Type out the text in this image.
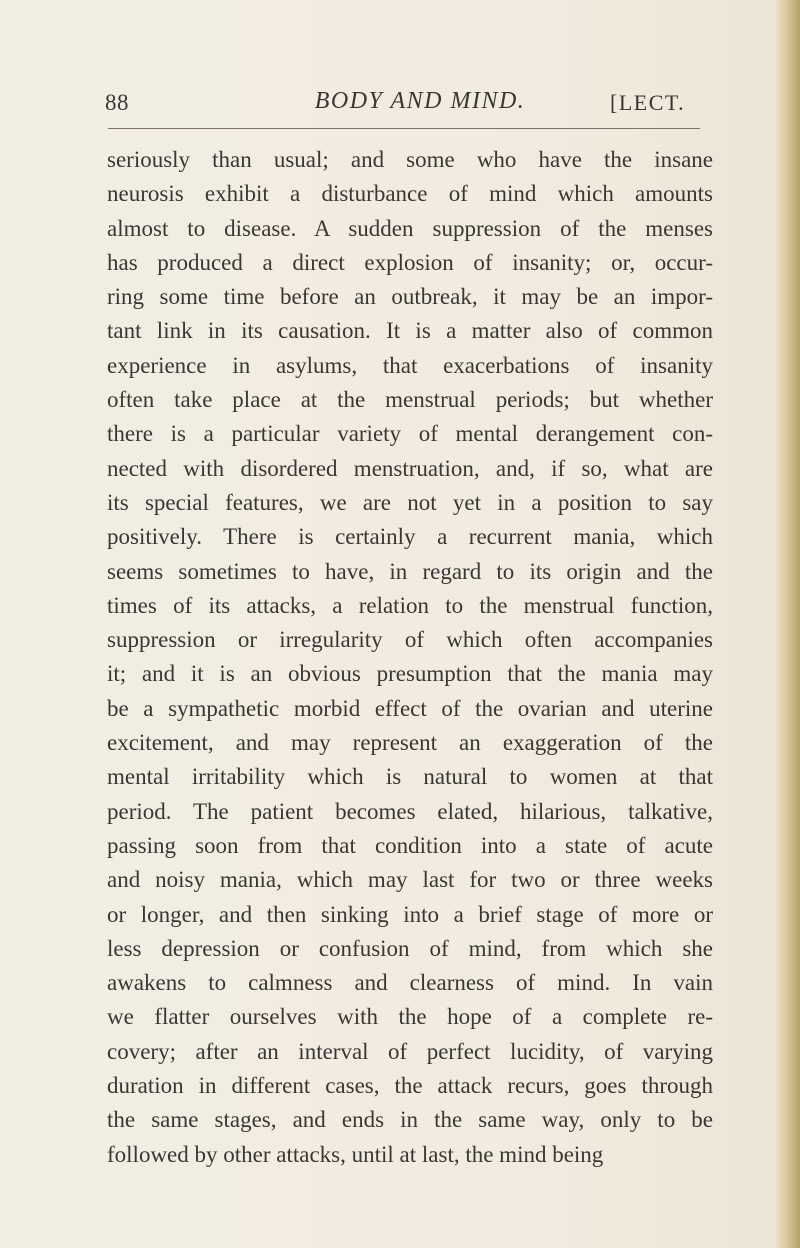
88	BODY AND MIND.	[LECT.
seriously than usual; and some who have the insane
neurosis exhibit a disturbance of mind which amounts
almost to disease. A sudden suppression of the menses
has produced a direct explosion of insanity; or, occur-
ring some time before an outbreak, it may be an impor-
tant link in its causation. It is a matter also of common
experience in asylums, that exacerbations of insanity
often take place at the menstrual periods; but whether
there is a particular variety of mental derangement con-
nected with disordered menstruation, and, if so, what are
its special features, we are not yet in a position to say
positively. There is certainly a recurrent mania, which
seems sometimes to have, in regard to its origin and the
times of its attacks, a relation to the menstrual function,
suppression or irregularity of which often accompanies
it; and it is an obvious presumption that the mania may
be a sympathetic morbid effect of the ovarian and uterine
excitement, and may represent an exaggeration of the
mental irritability which is natural to women at that
period. The patient becomes elated, hilarious, talkative,
passing soon from that condition into a state of acute
and noisy mania, which may last for two or three weeks
or longer, and then sinking into a brief stage of more or
less depression or confusion of mind, from which she
awakens to calmness and clearness of mind. In vain
we flatter ourselves with the hope of a complete re-
covery; after an interval of perfect lucidity, of varying
duration in different cases, the attack recurs, goes through
the same stages, and ends in the same way, only to be
followed by other attacks, until at last, the mind being
